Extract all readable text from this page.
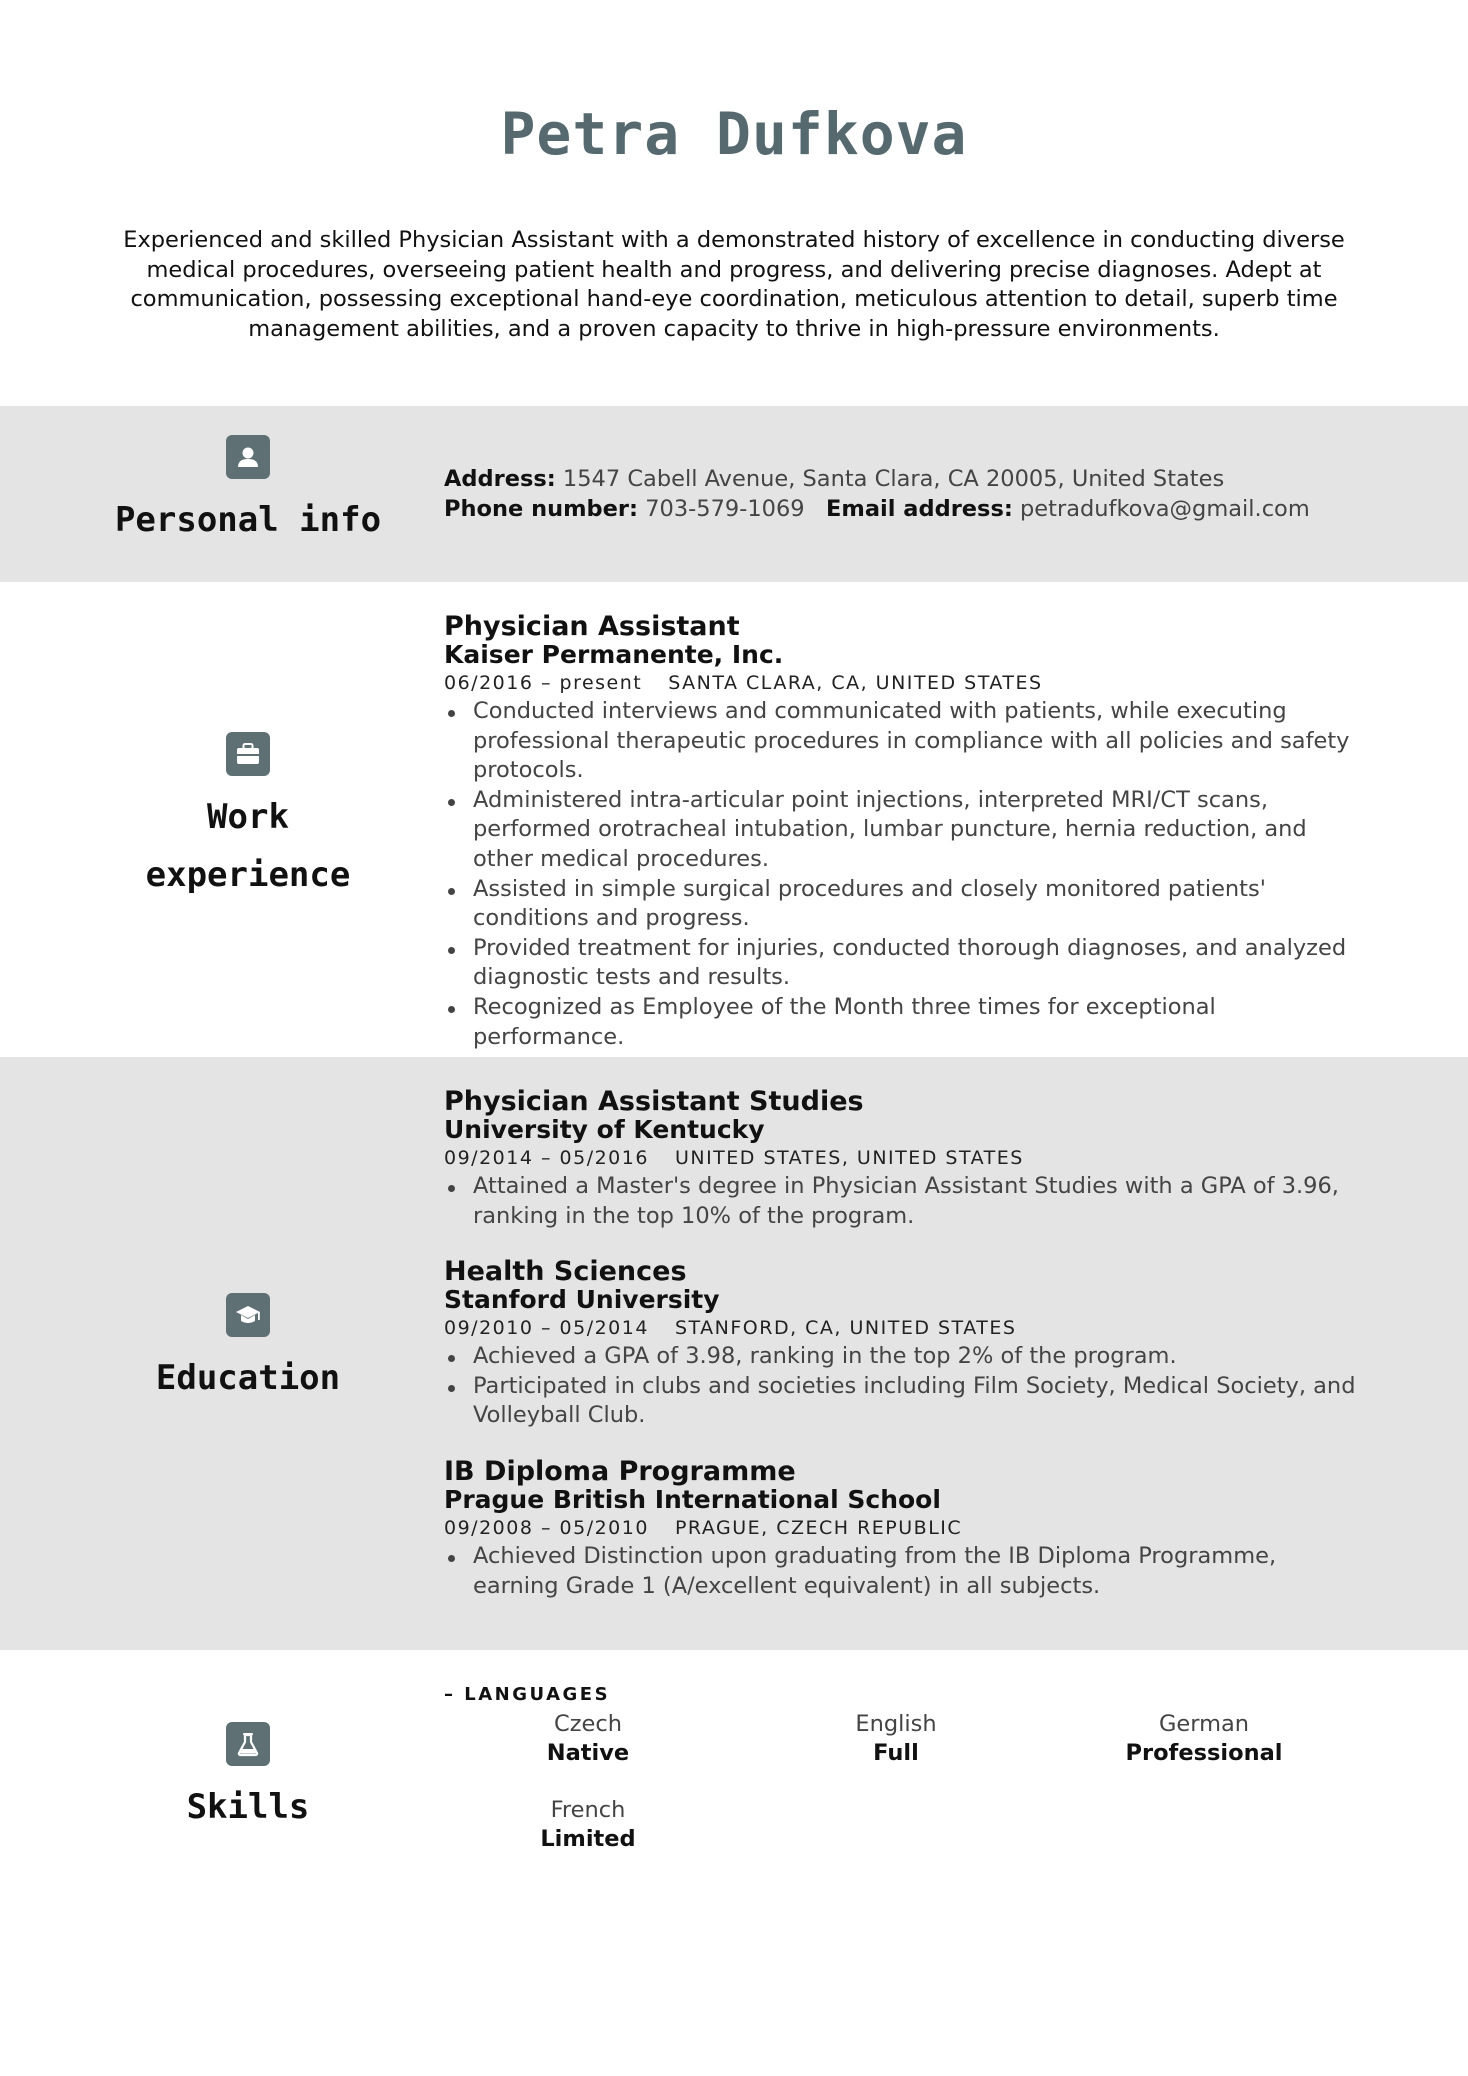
Petra Dufkova
Experienced and skilled Physician Assistant with a demonstrated history of excellence in conducting diverse medical procedures, overseeing patient health and progress, and delivering precise diagnoses. Adept at communication, possessing exceptional hand-eye coordination, meticulous attention to detail, superb time management abilities, and a proven capacity to thrive in high-pressure environments.
Personal info
Address: 1547 Cabell Avenue, Santa Clara, CA 20005, United States
Phone number: 703-579-1069 Email address: petradufkova@gmail.com
Work
experience
Physician Assistant
Kaiser Permanente, Inc.
06/2016 – present SANTA CLARA, CA, UNITED STATES
Conducted interviews and communicated with patients, while executing professional therapeutic procedures in compliance with all policies and safety protocols.
Administered intra-articular point injections, interpreted MRI/CT scans, performed orotracheal intubation, lumbar puncture, hernia reduction, and other medical procedures.
Assisted in simple surgical procedures and closely monitored patients' conditions and progress.
Provided treatment for injuries, conducted thorough diagnoses, and analyzed diagnostic tests and results.
Recognized as Employee of the Month three times for exceptional performance.
Education
Physician Assistant Studies
University of Kentucky
09/2014 – 05/2016 UNITED STATES, UNITED STATES
Attained a Master's degree in Physician Assistant Studies with a GPA of 3.96, ranking in the top 10% of the program.
Health Sciences
Stanford University
09/2010 – 05/2014 STANFORD, CA, UNITED STATES
Achieved a GPA of 3.98, ranking in the top 2% of the program.
Participated in clubs and societies including Film Society, Medical Society, and Volleyball Club.
IB Diploma Programme
Prague British International School
09/2008 – 05/2010 PRAGUE, CZECH REPUBLIC
Achieved Distinction upon graduating from the IB Diploma Programme, earning Grade 1 (A/excellent equivalent) in all subjects.
Skills
– LANGUAGES
Czech
Native
English
Full
German
Professional
French
Limited
